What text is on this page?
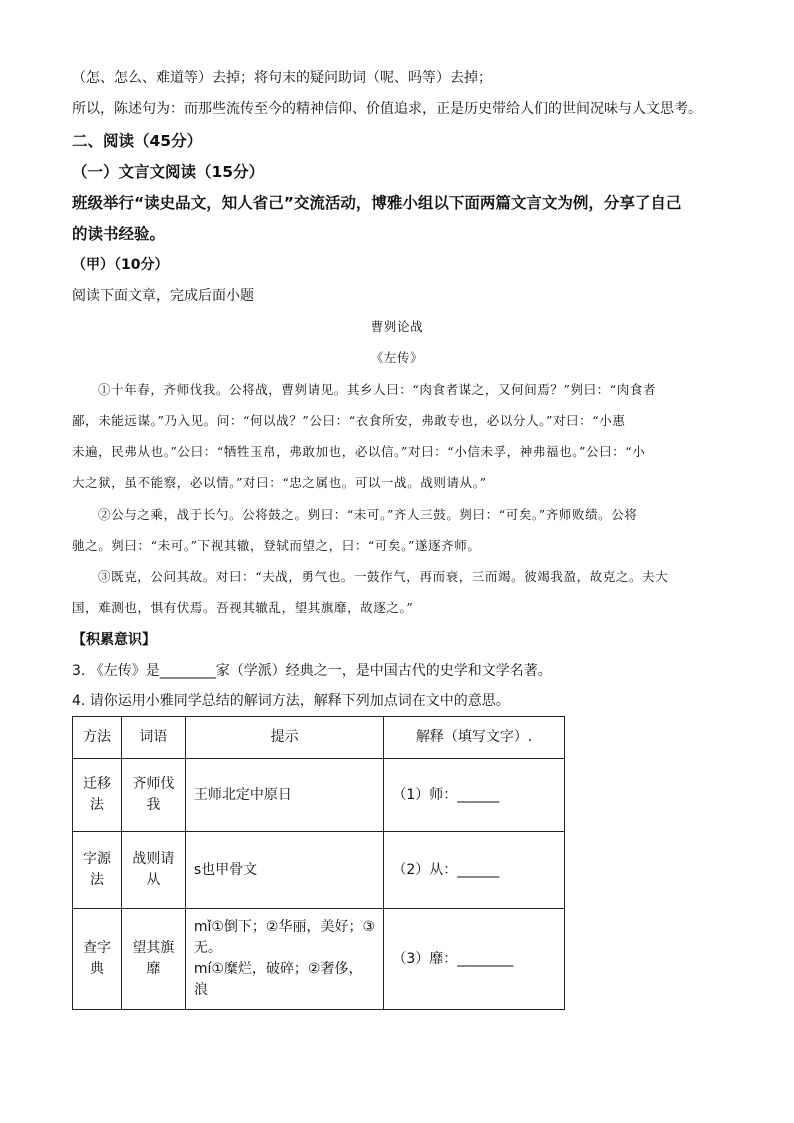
（怎、怎么、难道等）去掉；将句末的疑问助词（呢、吗等）去掉；
所以，陈述句为：而那些流传至今的精神信仰、价值追求，正是历史带给人们的世间况味与人文思考。
二、阅读（45分）
（一）文言文阅读（15分）
班级举行“读史品文，知人省己”交流活动，博雅小组以下面两篇文言文为例，分享了自己
的读书经验。
（甲）（10分）
阅读下面文章，完成后面小题
曹刿论战
《左传》
①十年春，齐师伐我。公将战，曹刿请见。其乡人曰：“肉食者谋之，又何间焉？”刿曰：“肉食者
鄙，未能远谋。”乃入见。问：“何以战？”公曰：“衣食所安，弗敢专也，必以分人。”对曰：“小惠
未遍，民弗从也。”公曰：“牺牲玉帛，弗敢加也，必以信。”对曰：“小信未孚，神弗福也。”公曰：“小
大之狱，虽不能察，必以情。”对曰：“忠之属也。可以一战。战则请从。”
②公与之乘，战于长勺。公将鼓之。刿曰：“未可。”齐人三鼓。刿曰：“可矣。”齐师败绩。公将
驰之。刿曰：“未可。”下视其辙，登轼而望之，曰：“可矣。”遂逐齐师。
③既克，公问其故。对曰：“夫战，勇气也。一鼓作气，再而衰，三而竭。彼竭我盈，故克之。夫大
国，难测也，惧有伏焉。吾视其辙乱，望其旗靡，故逐之。”
【积累意识】
3. 《左传》是________家（学派）经典之一，是中国古代的史学和文学名著。
4. 请你运用小雅同学总结的解词方法，解释下列加点词在文中的意思。
方法	词语	提示	解释（填写文字）.

迁移
法	齐师伐
我	王师北定中原日	（1）师：______

字源
法	战则请
从	s也甲骨文	（2）从：______

查字
典	望其旗
靡	mǐ①倒下；②华丽，美好；③
无。
mí①糜烂，破碎；②奢侈，浪	（3）靡：________
